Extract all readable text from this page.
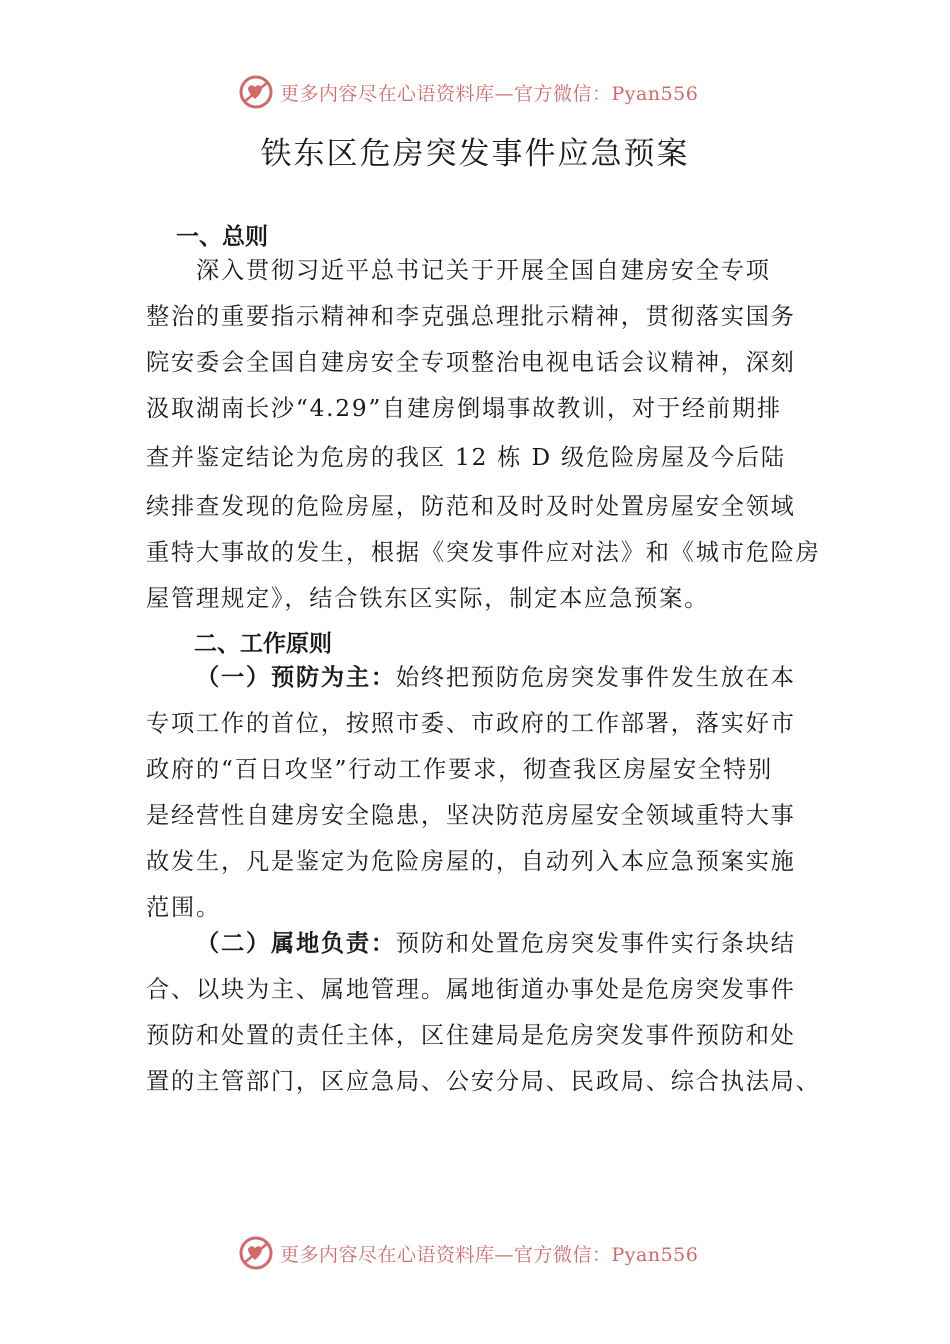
更多内容尽在心语资料库—官方微信：Pyan556
铁东区危房突发事件应急预案
一、总则
深入贯彻习近平总书记关于开展全国自建房安全专项
整治的重要指示精神和李克强总理批示精神，贯彻落实国务
院安委会全国自建房安全专项整治电视电话会议精神，深刻
汲取湖南长沙“4.29”自建房倒塌事故教训，对于经前期排
查并鉴定结论为危房的我区 12 栋 D 级危险房屋及今后陆
续排查发现的危险房屋，防范和及时及时处置房屋安全领域
重特大事故的发生，根据《突发事件应对法》和《城市危险房
屋管理规定》，结合铁东区实际，制定本应急预案。
二、工作原则
（一）预防为主：始终把预防危房突发事件发生放在本
专项工作的首位，按照市委、市政府的工作部署，落实好市
政府的“百日攻坚”行动工作要求，彻查我区房屋安全特别
是经营性自建房安全隐患，坚决防范房屋安全领域重特大事
故发生，凡是鉴定为危险房屋的，自动列入本应急预案实施
范围。
（二）属地负责：预防和处置危房突发事件实行条块结
合、以块为主、属地管理。属地街道办事处是危房突发事件
预防和处置的责任主体，区住建局是危房突发事件预防和处
置的主管部门，区应急局、公安分局、民政局、综合执法局、
更多内容尽在心语资料库—官方微信：Pyan556
